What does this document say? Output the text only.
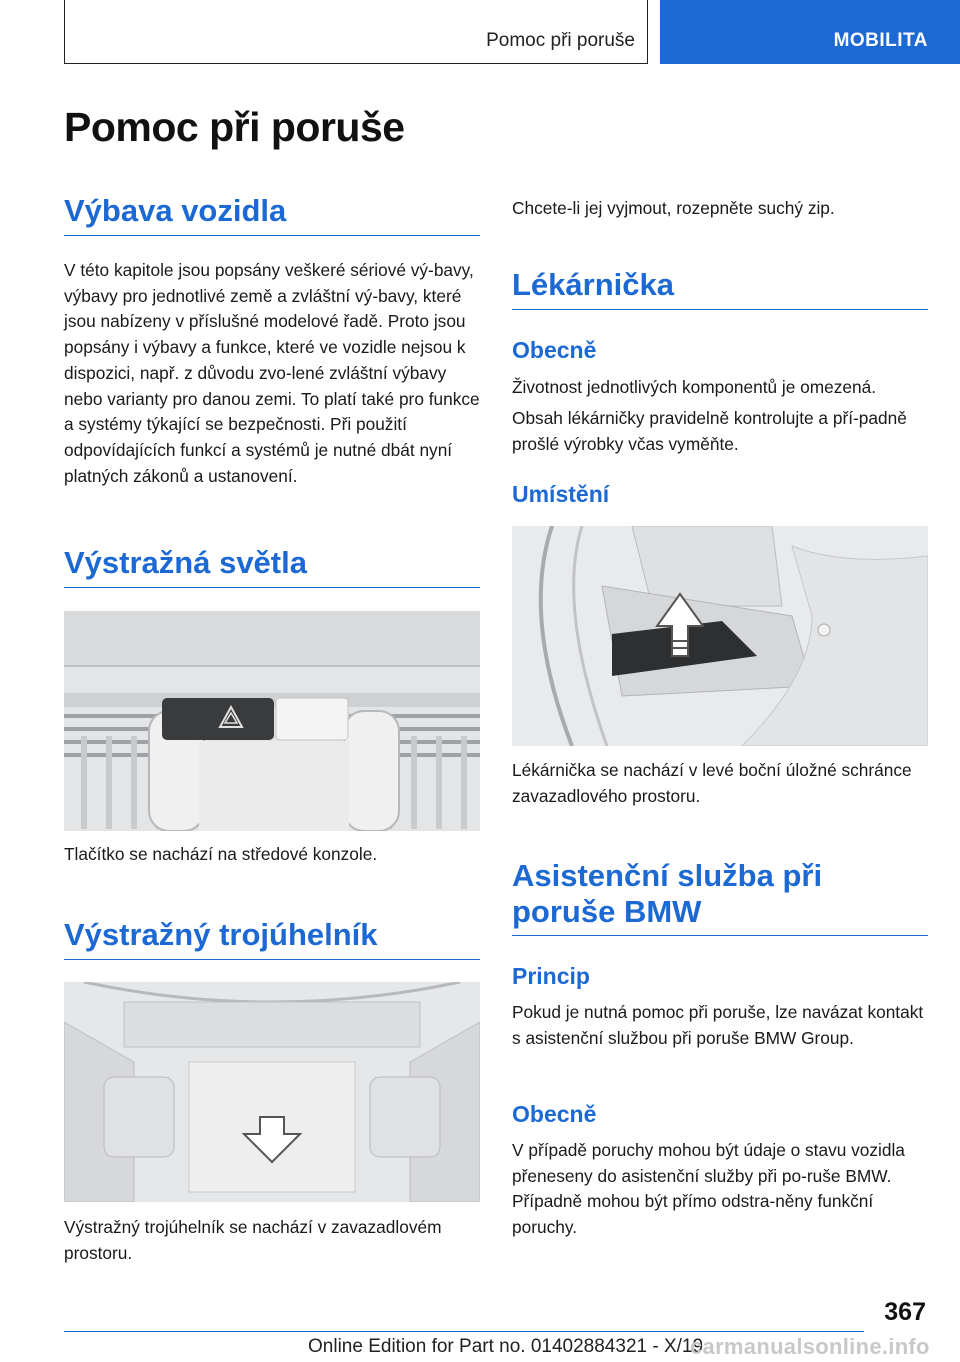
Pomoc při poruše	MOBILITA
Pomoc při poruše
Výbava vozidla

V této kapitole jsou popsány veškeré sériové vý-bavy, výbavy pro jednotlivé země a zvláštní vý-bavy, které jsou nabízeny v příslušné modelové řadě. Proto jsou popsány i výbavy a funkce, které ve vozidle nejsou k dispozici, např. z důvodu zvo-lené zvláštní výbavy nebo varianty pro danou zemi. To platí také pro funkce a systémy týkající se bezpečnosti. Při použití odpovídajících funkcí a systémů je nutné dbát nyní platných zákonů a ustanovení.

Výstražná světla

Tlačítko se nachází na středové konzole.

Výstražný trojúhelník

Výstražný trojúhelník se nachází v zavazadlovém prostoru.

Chcete-li jej vyjmout, rozepněte suchý zip.

Lékárnička
Obecně

Životnost jednotlivých komponentů je omezená.

Obsah lékárničky pravidelně kontrolujte a pří-padně prošlé výrobky včas vyměňte.

Umístění

Lékárnička se nachází v levé boční úložné schránce zavazadlového prostoru.

Asistenční služba při poruše BMW
Princip

Pokud je nutná pomoc při poruše, lze navázat kontakt s asistenční službou při poruše BMW Group.

Obecně

V případě poruchy mohou být údaje o stavu vozidla přeneseny do asistenční služby při po-ruše BMW. Případně mohou být přímo odstra-něny funkční poruchy.

367
Online Edition for Part no. 01402884321 - X/19
carmanualsonline.info
